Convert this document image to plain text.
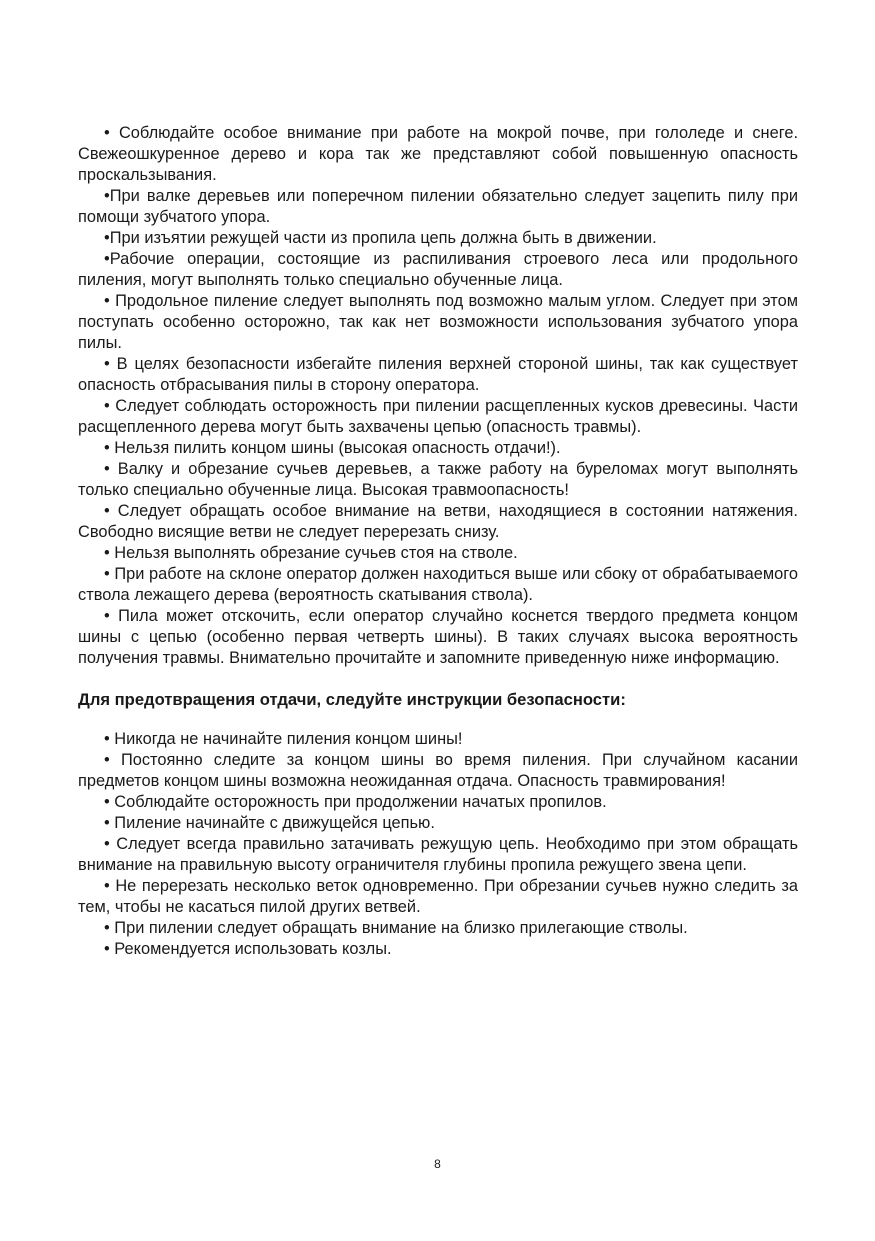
• Соблюдайте особое внимание при работе на мокрой почве, при гололеде и снеге. Свежеошкуренное дерево и кора так же представляют собой повышенную опасность проскальзывания.

•При валке деревьев или поперечном пилении обязательно следует зацепить пилу при помощи зубчатого упора.

•При изъятии режущей части из пропила цепь должна быть в движении.

•Рабочие операции, состоящие из распиливания строевого леса или продольного пиления, могут выполнять только специально обученные лица.

• Продольное пиление следует выполнять под возможно малым углом. Следует при этом поступать особенно осторожно, так как нет возможности использования зубчатого упора пилы.

• В целях безопасности избегайте пиления верхней стороной шины, так как существует опасность отбрасывания пилы в сторону оператора.

• Следует соблюдать осторожность при пилении расщепленных кусков древесины. Части расщепленного дерева могут быть захвачены цепью (опасность травмы).

• Нельзя пилить концом шины (высокая опасность отдачи!).

• Валку и обрезание сучьев деревьев, а также работу на буреломах могут выполнять только специально обученные лица. Высокая травмоопасность!

• Следует обращать особое внимание на ветви, находящиеся в состоянии натяжения. Свободно висящие ветви не следует перерезать снизу.

• Нельзя выполнять обрезание сучьев стоя на стволе.

• При работе на склоне оператор должен находиться выше или сбоку от обрабатываемого ствола лежащего дерева (вероятность скатывания ствола).

• Пила может отскочить, если оператор случайно коснется твердого предмета концом шины с цепью (особенно первая четверть шины). В таких случаях высока вероятность получения травмы. Внимательно прочитайте и запомните приведенную ниже информацию.

Для предотвращения отдачи, следуйте инструкции безопасности:

• Никогда не начинайте пиления концом шины!

• Постоянно следите за концом шины во время пиления. При случайном касании предметов концом шины возможна неожиданная отдача. Опасность травмирования!

• Соблюдайте осторожность при продолжении начатых пропилов.

• Пиление начинайте с движущейся цепью.

• Следует всегда правильно затачивать режущую цепь. Необходимо при этом обращать внимание на правильную высоту ограничителя глубины пропила режущего звена цепи.

• Не перерезать несколько веток одновременно. При обрезании сучьев нужно следить за тем, чтобы не касаться пилой других ветвей.

• При пилении следует обращать внимание на близко прилегающие стволы.

• Рекомендуется использовать козлы.

8
